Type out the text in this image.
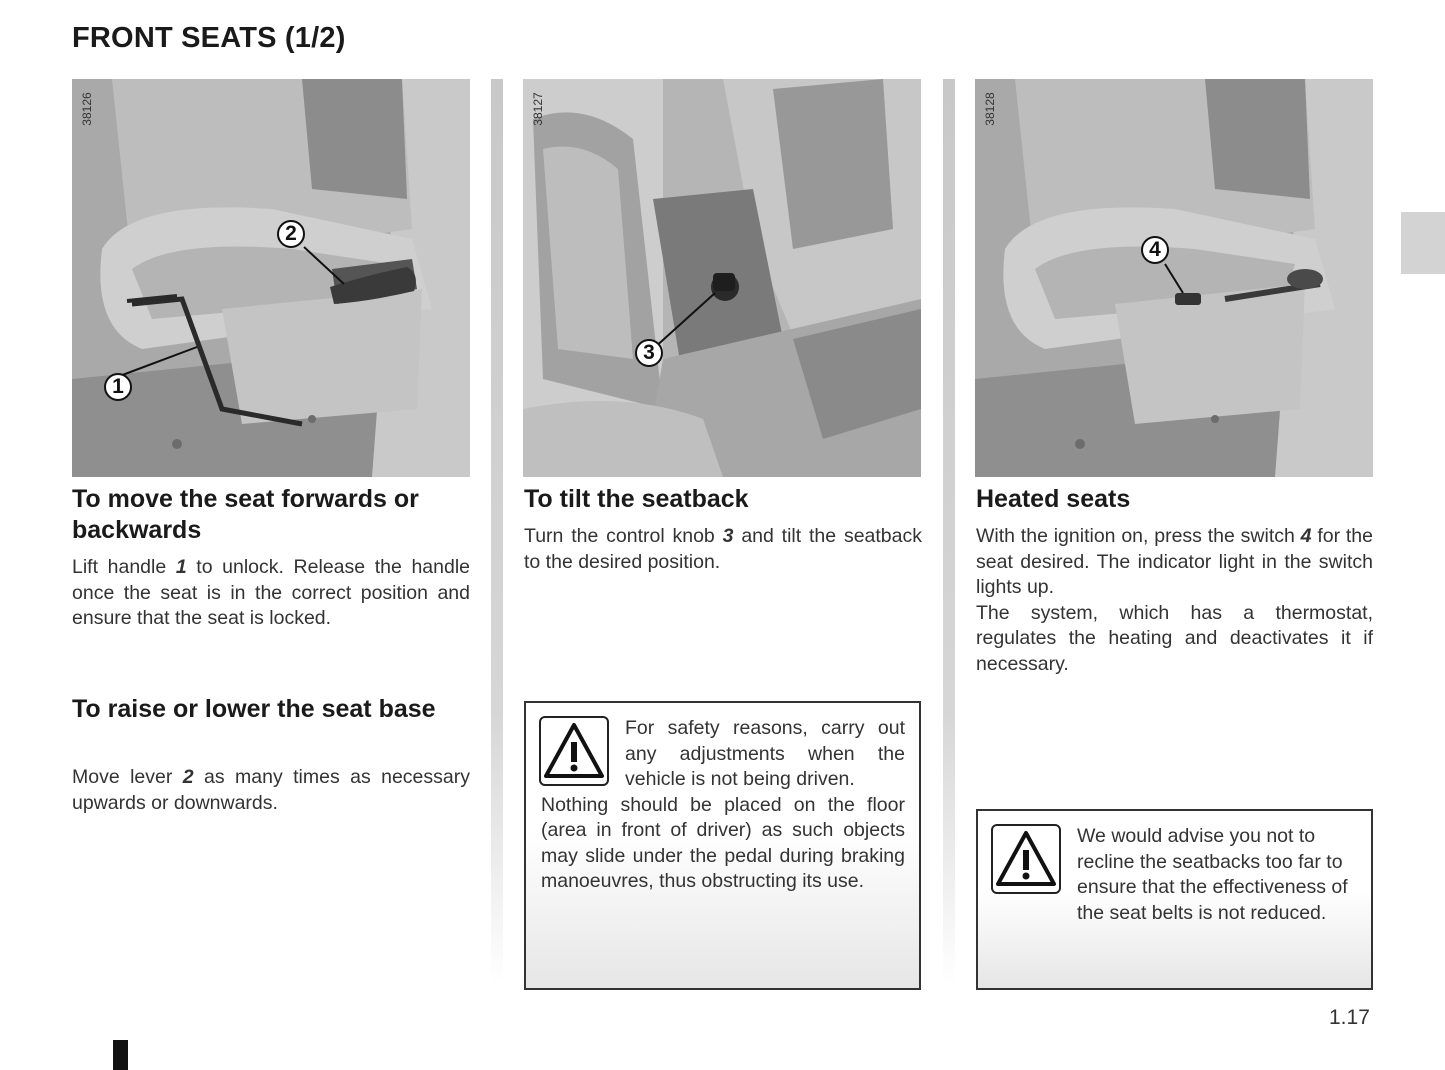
FRONT SEATS (1/2)
38126
1
2
To move the seat forwards or backwards

Lift handle 1 to unlock. Release the handle once the seat is in the correct position and ensure that the seat is locked.

To raise or lower the seat base

Move lever 2 as many times as necessary upwards or downwards.

38127
3
To tilt the seatback

Turn the control knob 3 and tilt the seatback to the desired position.

For safety reasons, carry out any adjustments when the vehicle is not being driven.
Nothing should be placed on the floor (area in front of driver) as such objects may slide under the pedal during braking manoeuvres, thus obstructing its use.

38128
4
Heated seats

With the ignition on, press the switch 4 for the seat desired. The indicator light in the switch lights up.
The system, which has a thermostat, regulates the heating and deactivates it if necessary.

We would advise you not to recline the seatbacks too far to ensure that the effectiveness of the seat belts is not reduced.

1.17
